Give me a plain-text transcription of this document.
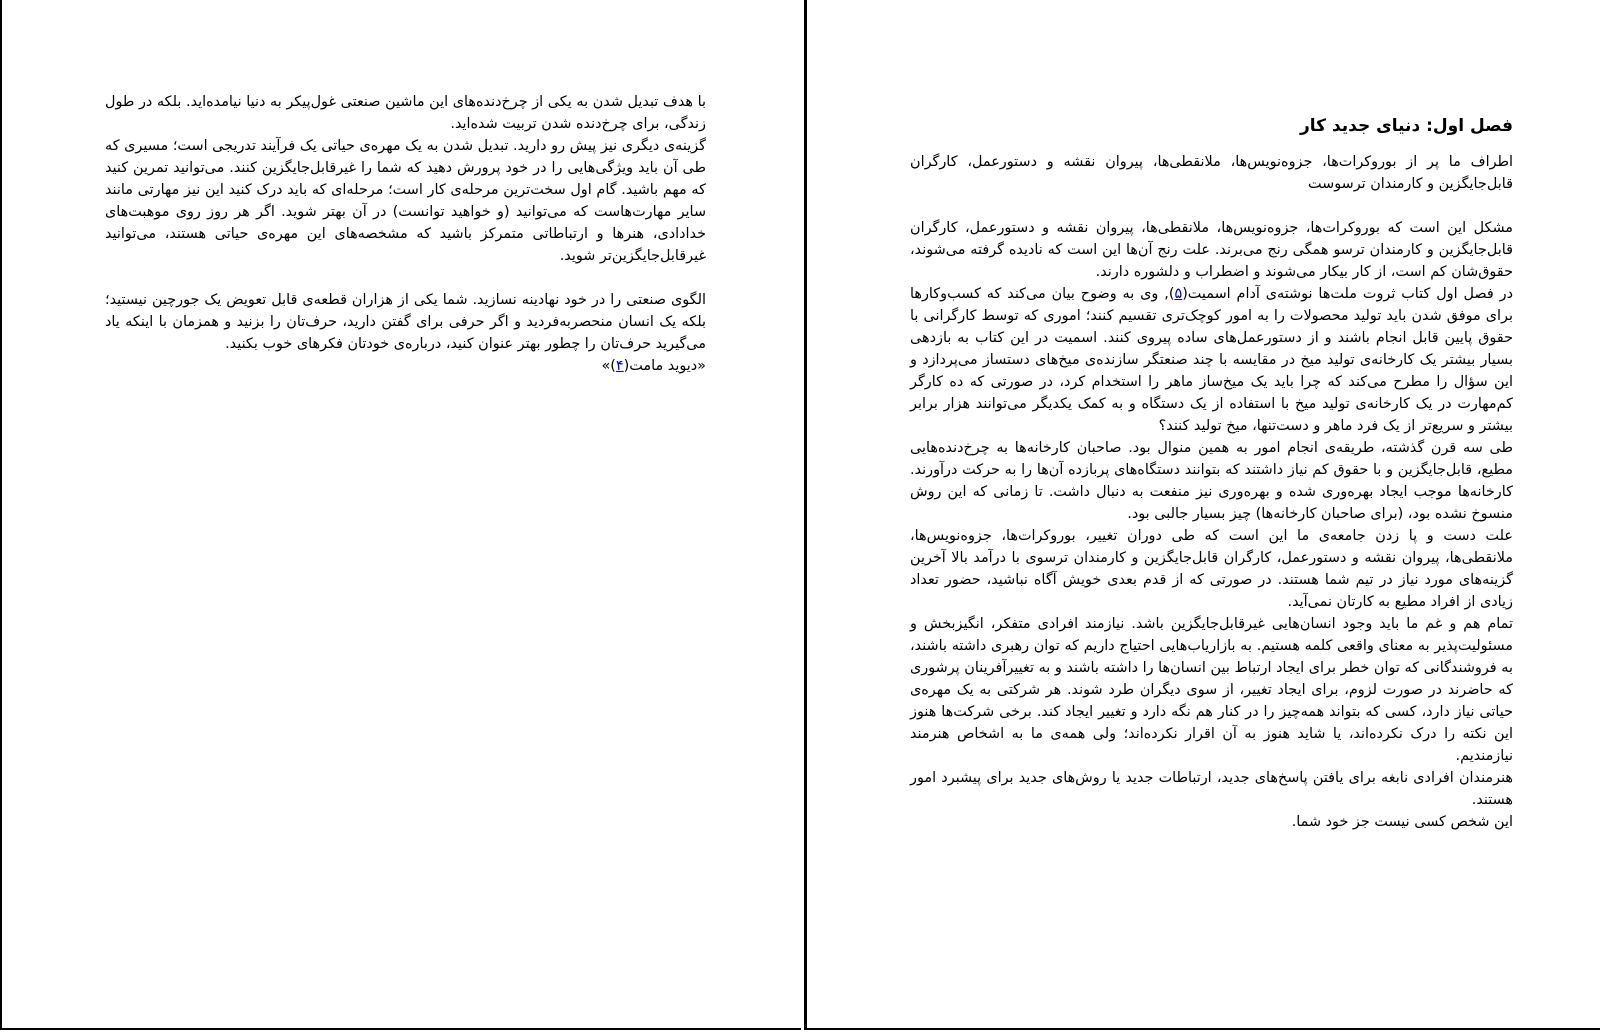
با هدف تبدیل شدن به یکی از چرخ‌دنده‌های این ماشین صنعتی غول‌پیکر به دنیا نیامده‌اید. بلکه در طول زندگی، برای چرخ‌دنده شدن تربیت شده‌اید.

گزینه‌ی دیگری نیز پیش رو دارید. تبدیل شدن به یک مهره‌ی حیاتی یک فرآیند تدریجی است؛ مسیری که طی آن باید ویژگی‌هایی را در خود پرورش دهید که شما را غیرقابل‌جایگزین کنند. می‌توانید تمرین کنید که مهم باشید. گام اول سخت‌ترین مرحله‌ی کار است؛ مرحله‌ای که باید درک کنید این نیز مهارتی مانند سایر مهارت‌هاست که می‌توانید (و خواهید توانست) در آن بهتر شوید. اگر هر روز روی موهبت‌های خدادادی، هنرها و ارتباطاتی متمرکز باشید که مشخصه‌های این مهره‌ی حیاتی هستند، می‌توانید غیرقابل‌جایگزین‌تر شوید.

الگوی صنعتی را در خود نهادینه نسازید. شما یکی از هزاران قطعه‌ی قابل تعویض یک جورچین نیستید؛ بلکه یک انسان منحصربه‌فردید و اگر حرفی برای گفتن دارید، حرف‌تان را بزنید و همزمان با اینکه یاد می‌گیرید حرف‌تان را چطور بهتر عنوان کنید، درباره‌ی خودتان فکر‌های خوب بکنید.

«دیوید مامت(۴)»

فصل اول: دنیای جدید کار

اطراف ما پر از بوروکرات‌ها، جزوه‌نویس‌ها، ملانقطی‌ها، پیروان نقشه و دستورعمل، کارگران قابل‌جایگزین و کارمندان ترسوست

مشکل این است که بوروکرات‌ها، جزوه‌نویس‌ها، ملانقطی‌ها، پیروان نقشه و دستورعمل، کارگران قابل‌جایگزین و کارمندان ترسو همگی رنج می‌برند. علت رنج آن‌ها این است که نادیده گرفته می‌شوند، حقوق‌شان کم است، از کار بیکار می‌شوند و اضطراب و دلشوره دارند.

در فصل اول کتاب ثروت ملت‌ها نوشته‌ی آدام اسمیت(۵), وی به وضوح بیان می‌کند که کسب‌وکارها برای موفق شدن باید تولید محصولات را به امور کوچک‌تری تقسیم کنند؛ اموری که توسط کارگرانی با حقوق پایین قابل انجام باشند و از دستورعمل‌های ساده پیروی کنند. اسمیت در این کتاب به بازدهی بسیار بیشتر یک کارخانه‌ی تولید میخ در مقایسه با چند صنعتگر سازنده‌ی میخ‌های دستساز می‌پردازد و این سؤال را مطرح می‌کند که چرا باید یک میخ‌ساز ماهر را استخدام کرد، در صورتی که ده کارگر کم‌مهارت در یک کارخانه‌ی تولید میخ با استفاده از یک دستگاه و به کمک یکدیگر می‌توانند هزار برابر بیشتر و سریع‌تر از یک فرد ماهر و دست‌تنها، میخ تولید کنند؟

طی سه قرن گذشته، طریقه‌ی انجام امور به همین منوال بود. صاحبان کارخانه‌ها به چرخ‌دنده‌هایی مطیع، قابل‌جایگزین و با حقوق کم نیاز داشتند که بتوانند دستگاه‌های پربازده آن‌ها را به حرکت درآورند. کارخانه‌ها موجب ایجاد بهره‌وری شده و بهره‌وری نیز منفعت به دنبال داشت. تا زمانی که این روش منسوخ نشده بود، (برای صاحبان کارخانه‌ها) چیز بسیار جالبی بود.

علت دست و پا زدن جامعه‌ی ما این است که طی دوران تغییر، بوروکرات‌ها، جزوه‌نویس‌ها، ملانقطی‌ها، پیروان نقشه و دستورعمل، کارگران قابل‌جایگزین و کارمندان ترسوی با درآمد بالا آخرین گزینه‌های مورد نیاز در تیم شما هستند. در صورتی که از قدم بعدی خویش آگاه نباشید، حضور تعداد زیادی از افراد مطیع به کارتان نمی‌آید.

تمام هم و غم ما باید وجود انسان‌هایی غیرقابل‌جایگزین باشد. نیازمند افرادی متفکر، انگیزبخش و مسئولیت‌پذیر به معنای واقعی کلمه هستیم. به بازاریاب‌هایی احتیاج داریم که توان رهبری داشته باشند، به فروشندگانی که توان خطر برای ایجاد ارتباط بین انسان‌ها را داشته باشند و به تغییرآفرینان پرشوری که حاضرند در صورت لزوم، برای ایجاد تغییر، از سوی دیگران طرد شوند. هر شرکتی به یک مهره‌ی حیاتی نیاز دارد، کسی که بتواند همه‌چیز را در کنار هم نگه دارد و تغییر ایجاد کند. برخی شرکت‌ها هنوز این نکته را درک نکرده‌اند، یا شاید هنوز به آن اقرار نکرده‌اند؛ ولی همه‌ی ما به اشخاص هنرمند نیازمندیم.

هنرمندان افرادی نابغه برای یافتن پاسخ‌های جدید، ارتباطات جدید یا روش‌های جدید برای پیشبرد امور هستند.

این شخص کسی نیست جز خود شما.
